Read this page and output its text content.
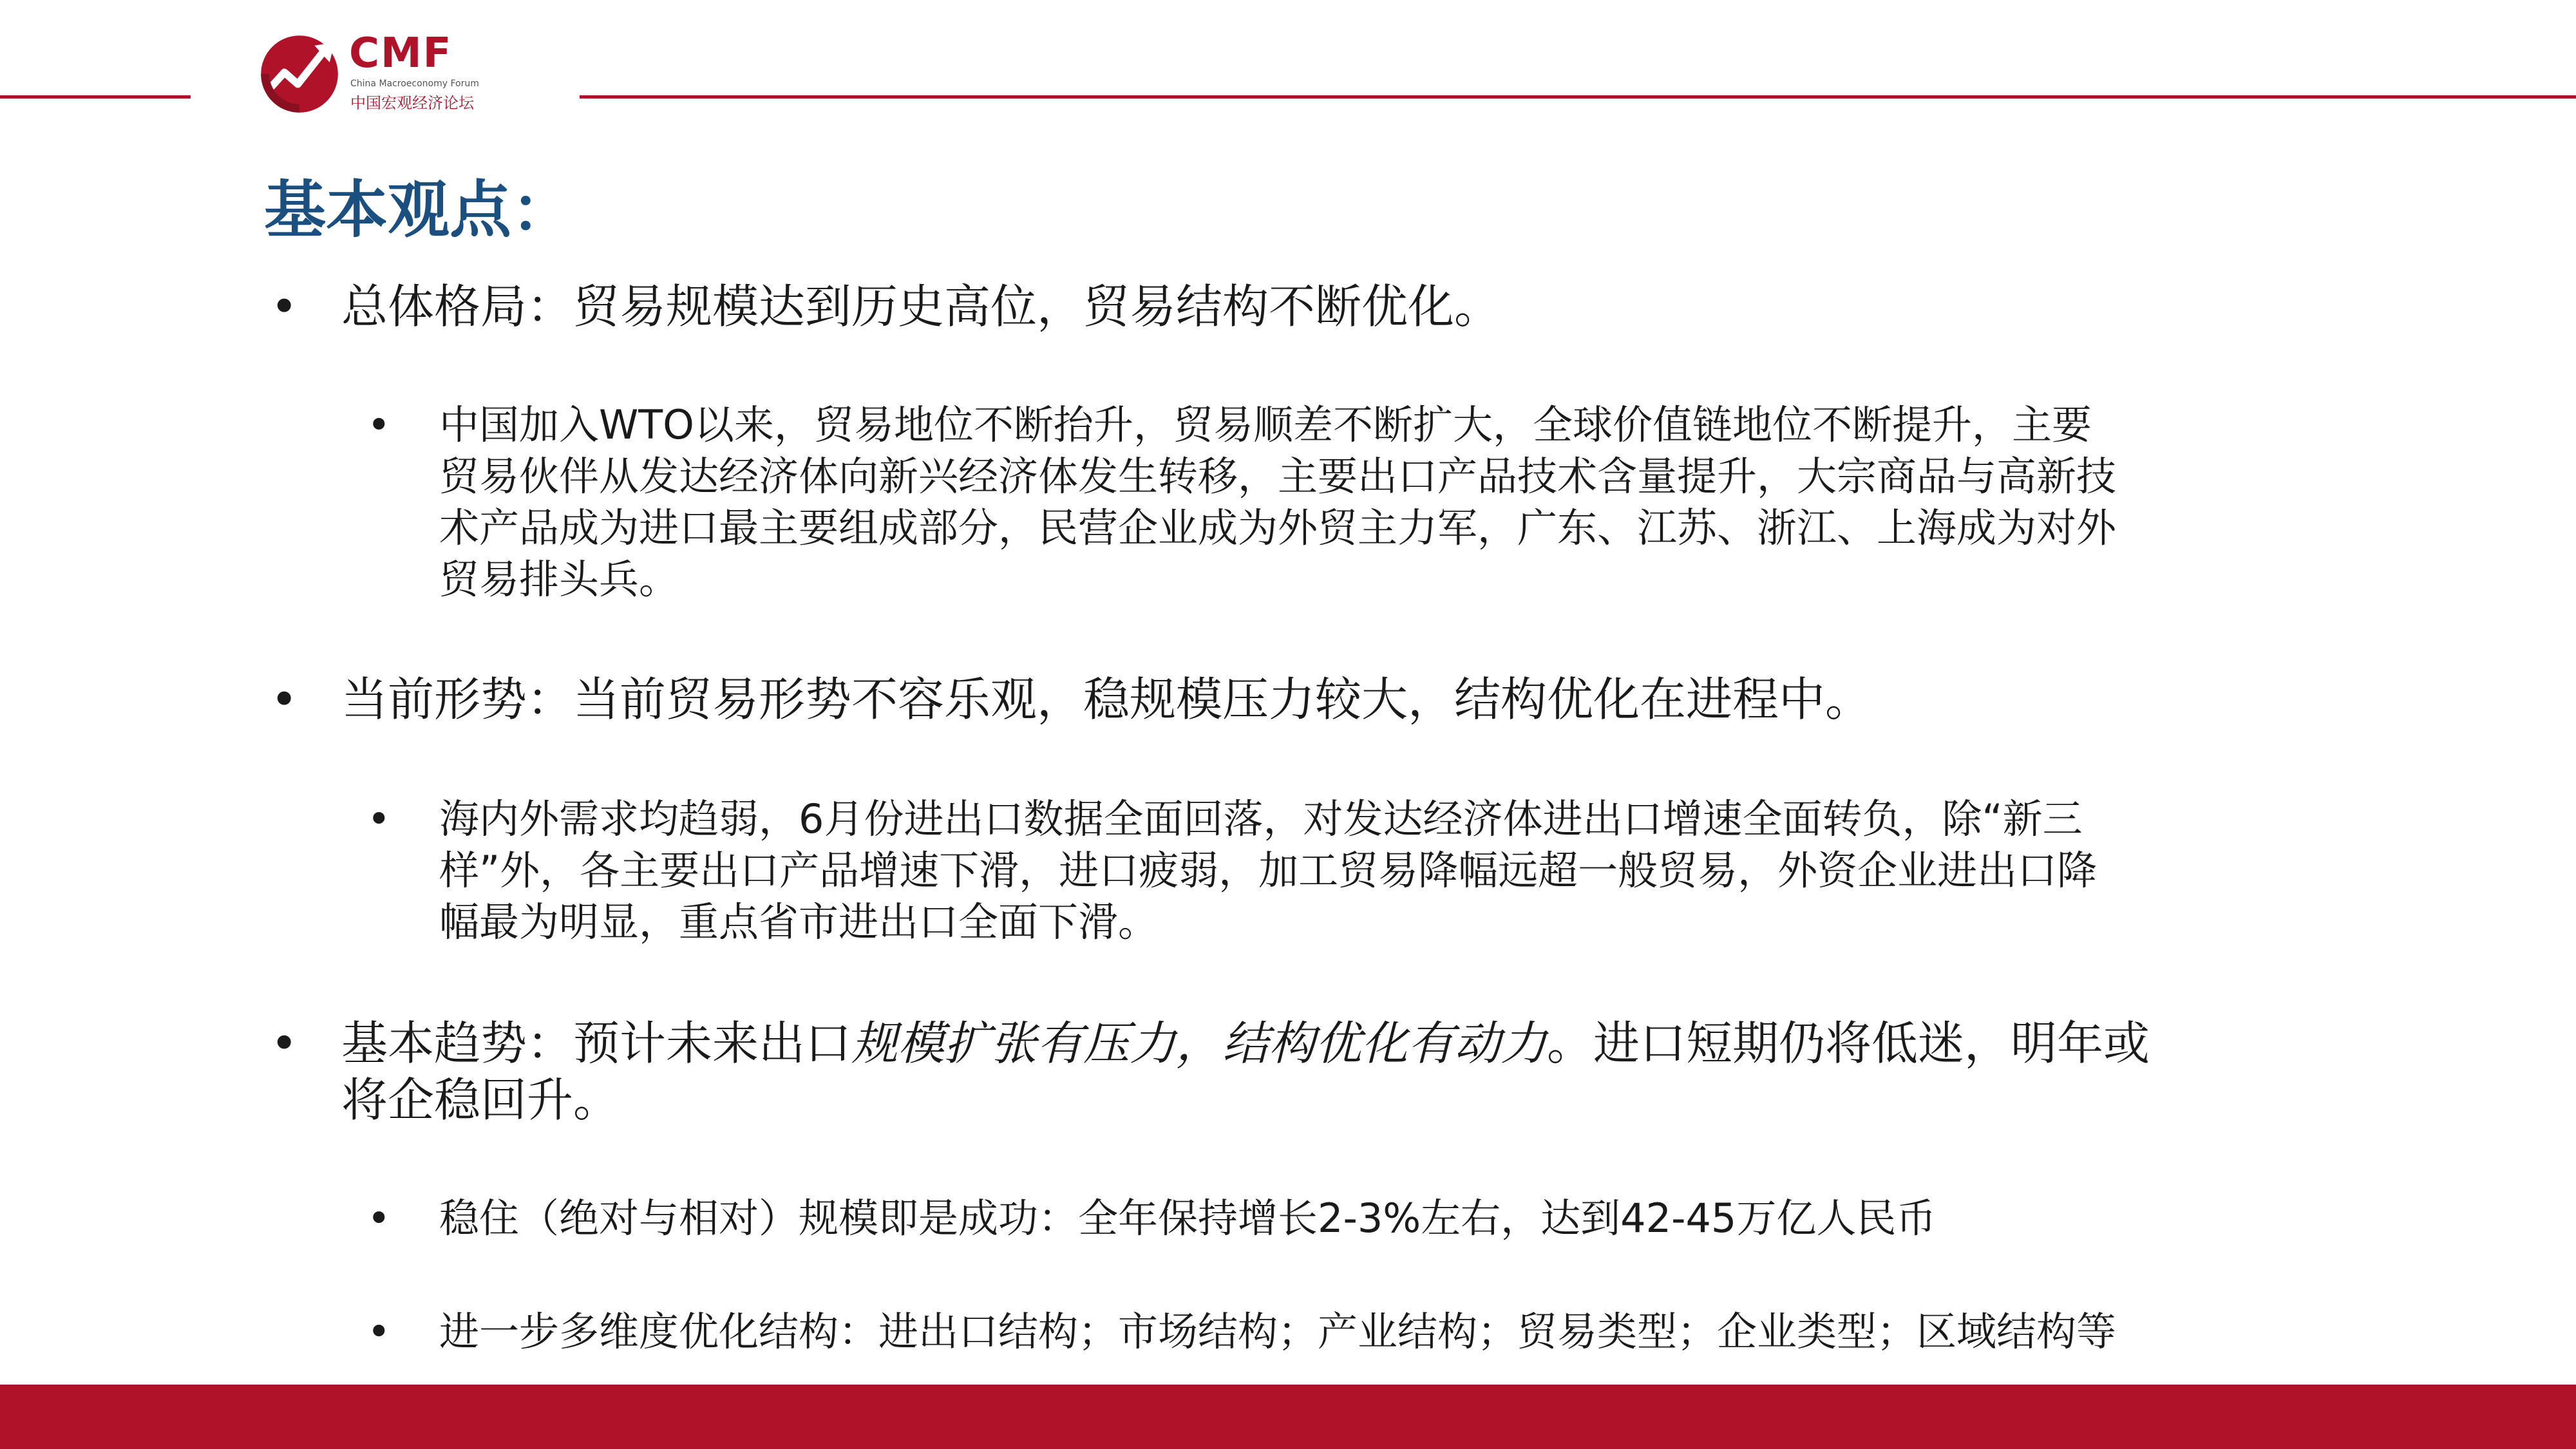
CMF
China Macroeconomy Forum
中国宏观经济论坛
基本观点：
• 总体格局：贸易规模达到历史高位，贸易结构不断优化。
• 中国加入WTO以来，贸易地位不断抬升，贸易顺差不断扩大，全球价值链地位不断提升，主要
贸易伙伴从发达经济体向新兴经济体发生转移，主要出口产品技术含量提升，大宗商品与高新技
术产品成为进口最主要组成部分，民营企业成为外贸主力军，广东、江苏、浙江、上海成为对外
贸易排头兵。
• 当前形势：当前贸易形势不容乐观，稳规模压力较大，结构优化在进程中。
• 海内外需求均趋弱，6月份进出口数据全面回落，对发达经济体进出口增速全面转负，除“新三
样”外，各主要出口产品增速下滑，进口疲弱，加工贸易降幅远超一般贸易，外资企业进出口降
幅最为明显，重点省市进出口全面下滑。
• 基本趋势：预计未来出口规模扩张有压力，结构优化有动力。进口短期仍将低迷，明年或
将企稳回升。
• 稳住（绝对与相对）规模即是成功：全年保持增长2-3%左右，达到42-45万亿人民币
• 进一步多维度优化结构：进出口结构；市场结构；产业结构；贸易类型；企业类型；区域结构等
